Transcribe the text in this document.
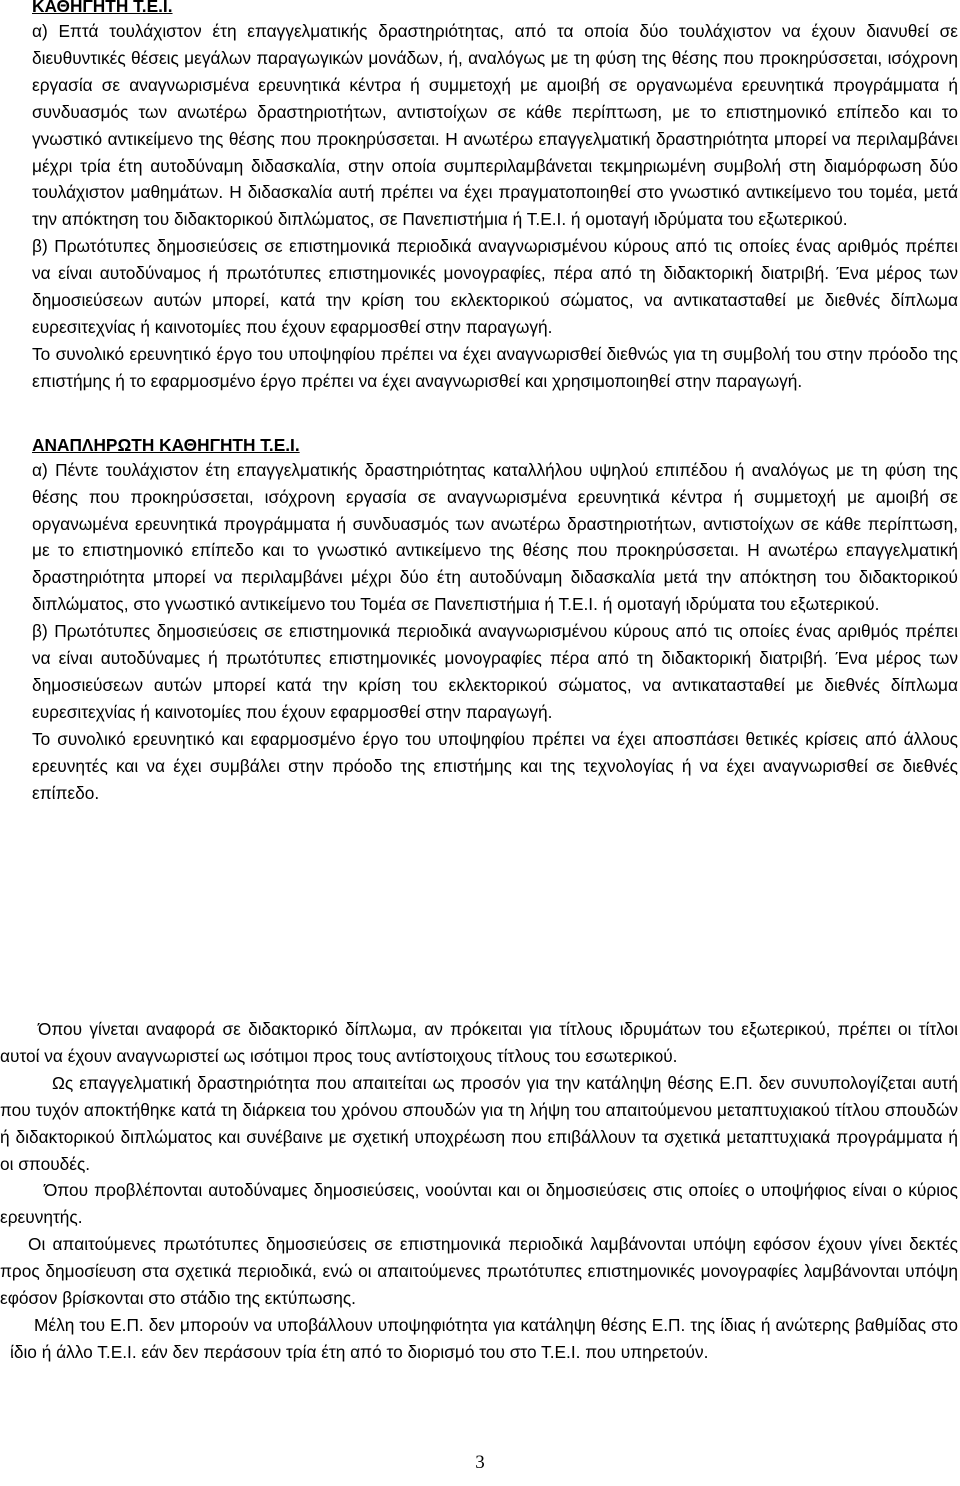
ΚΑΘΗΓΗΤΗ Τ.Ε.Ι.

α) Επτά τουλάχιστον έτη επαγγελματικής δραστηριότητας, από τα οποία δύο τουλάχιστον να έχουν διανυθεί σε διευθυντικές θέσεις μεγάλων παραγωγικών μονάδων, ή, αναλόγως με τη φύση της θέσης που προκηρύσσεται, ισόχρονη εργασία σε αναγνωρισμένα ερευνητικά κέντρα ή συμμετοχή με αμοιβή σε οργανωμένα ερευνητικά προγράμματα ή συνδυασμός των ανωτέρω δραστηριοτήτων, αντιστοίχων σε κάθε περίπτωση, με το επιστημονικό επίπεδο και το γνωστικό αντικείμενο της θέσης που προκηρύσσεται. Η ανωτέρω επαγγελματική δραστηριότητα μπορεί να περιλαμβάνει μέχρι τρία έτη αυτοδύναμη διδασκαλία, στην οποία συμπεριλαμβάνεται τεκμηριωμένη συμβολή στη διαμόρφωση δύο τουλάχιστον μαθημάτων. Η διδασκαλία αυτή πρέπει να έχει πραγματοποιηθεί στο γνωστικό αντικείμενο του τομέα, μετά την απόκτηση του διδακτορικού διπλώματος, σε Πανεπιστήμια ή Τ.Ε.Ι. ή ομοταγή ιδρύματα του εξωτερικού.

β) Πρωτότυπες δημοσιεύσεις σε επιστημονικά περιοδικά αναγνωρισμένου κύρους από τις οποίες ένας αριθμός πρέπει να είναι αυτοδύναμος ή πρωτότυπες επιστημονικές μονογραφίες, πέρα από τη διδακτορική διατριβή. Ένα μέρος των δημοσιεύσεων αυτών μπορεί, κατά την κρίση του εκλεκτορικού σώματος, να αντικατασταθεί με διεθνές δίπλωμα ευρεσιτεχνίας ή καινοτομίες που έχουν εφαρμοσθεί στην παραγωγή.

Το συνολικό ερευνητικό έργο του υποψηφίου πρέπει να έχει αναγνωρισθεί διεθνώς για τη συμβολή του στην πρόοδο της επιστήμης ή το εφαρμοσμένο έργο πρέπει να έχει αναγνωρισθεί και χρησιμοποιηθεί στην παραγωγή.

ΑΝΑΠΛΗΡΩΤΗ ΚΑΘΗΓΗΤΗ Τ.Ε.Ι.

α) Πέντε τουλάχιστον έτη επαγγελματικής δραστηριότητας καταλλήλου υψηλού επιπέδου ή αναλόγως με τη φύση της θέσης που προκηρύσσεται, ισόχρονη εργασία σε αναγνωρισμένα ερευνητικά κέντρα ή συμμετοχή με αμοιβή σε οργανωμένα ερευνητικά προγράμματα ή συνδυασμός των ανωτέρω δραστηριοτήτων, αντιστοίχων σε κάθε περίπτωση, με το επιστημονικό επίπεδο και το γνωστικό αντικείμενο της θέσης που προκηρύσσεται. Η ανωτέρω επαγγελματική δραστηριότητα μπορεί να περιλαμβάνει μέχρι δύο έτη αυτοδύναμη διδασκαλία μετά την απόκτηση του διδακτορικού διπλώματος, στο γνωστικό αντικείμενο του Τομέα σε Πανεπιστήμια ή Τ.Ε.Ι. ή ομοταγή ιδρύματα του εξωτερικού.

β) Πρωτότυπες δημοσιεύσεις σε επιστημονικά περιοδικά αναγνωρισμένου κύρους από τις οποίες ένας αριθμός πρέπει να είναι αυτοδύναμες ή πρωτότυπες επιστημονικές μονογραφίες πέρα από τη διδακτορική διατριβή. Ένα μέρος των δημοσιεύσεων αυτών μπορεί κατά την κρίση του εκλεκτορικού σώματος, να αντικατασταθεί με διεθνές δίπλωμα ευρεσιτεχνίας ή καινοτομίες που έχουν εφαρμοσθεί στην παραγωγή.

Το συνολικό ερευνητικό και εφαρμοσμένο έργο του υποψηφίου πρέπει να έχει αποσπάσει θετικές κρίσεις από άλλους ερευνητές και να έχει συμβάλει στην πρόοδο της επιστήμης και της τεχνολογίας ή να έχει αναγνωρισθεί σε διεθνές επίπεδο.

Όπου γίνεται αναφορά σε διδακτορικό δίπλωμα, αν πρόκειται για τίτλους ιδρυμάτων του εξωτερικού, πρέπει οι τίτλοι αυτοί να έχουν αναγνωριστεί ως ισότιμοι προς τους αντίστοιχους τίτλους του εσωτερικού.

Ως επαγγελματική δραστηριότητα που απαιτείται ως προσόν για την κατάληψη θέσης Ε.Π. δεν συνυπολογίζεται αυτή που τυχόν αποκτήθηκε κατά τη διάρκεια του χρόνου σπουδών για τη λήψη του απαιτούμενου μεταπτυχιακού τίτλου σπουδών ή διδακτορικού διπλώματος και συνέβαινε με σχετική υποχρέωση που επιβάλλουν τα σχετικά μεταπτυχιακά προγράμματα ή οι σπουδές.

Όπου προβλέπονται αυτοδύναμες δημοσιεύσεις, νοούνται και οι δημοσιεύσεις στις οποίες ο υποψήφιος είναι ο κύριος ερευνητής.

Οι απαιτούμενες πρωτότυπες δημοσιεύσεις σε επιστημονικά περιοδικά λαμβάνονται υπόψη εφόσον έχουν γίνει δεκτές προς δημοσίευση στα σχετικά περιοδικά, ενώ οι απαιτούμενες πρωτότυπες επιστημονικές μονογραφίες λαμβάνονται υπόψη εφόσον βρίσκονται στο στάδιο της εκτύπωσης.

Μέλη του Ε.Π. δεν μπορούν να υποβάλλουν υποψηφιότητα για κατάληψη θέσης Ε.Π. της ίδιας ή ανώτερης βαθμίδας στο ίδιο ή άλλο Τ.Ε.Ι. εάν δεν περάσουν τρία έτη από το διορισμό του στο Τ.Ε.Ι. που υπηρετούν.

3
